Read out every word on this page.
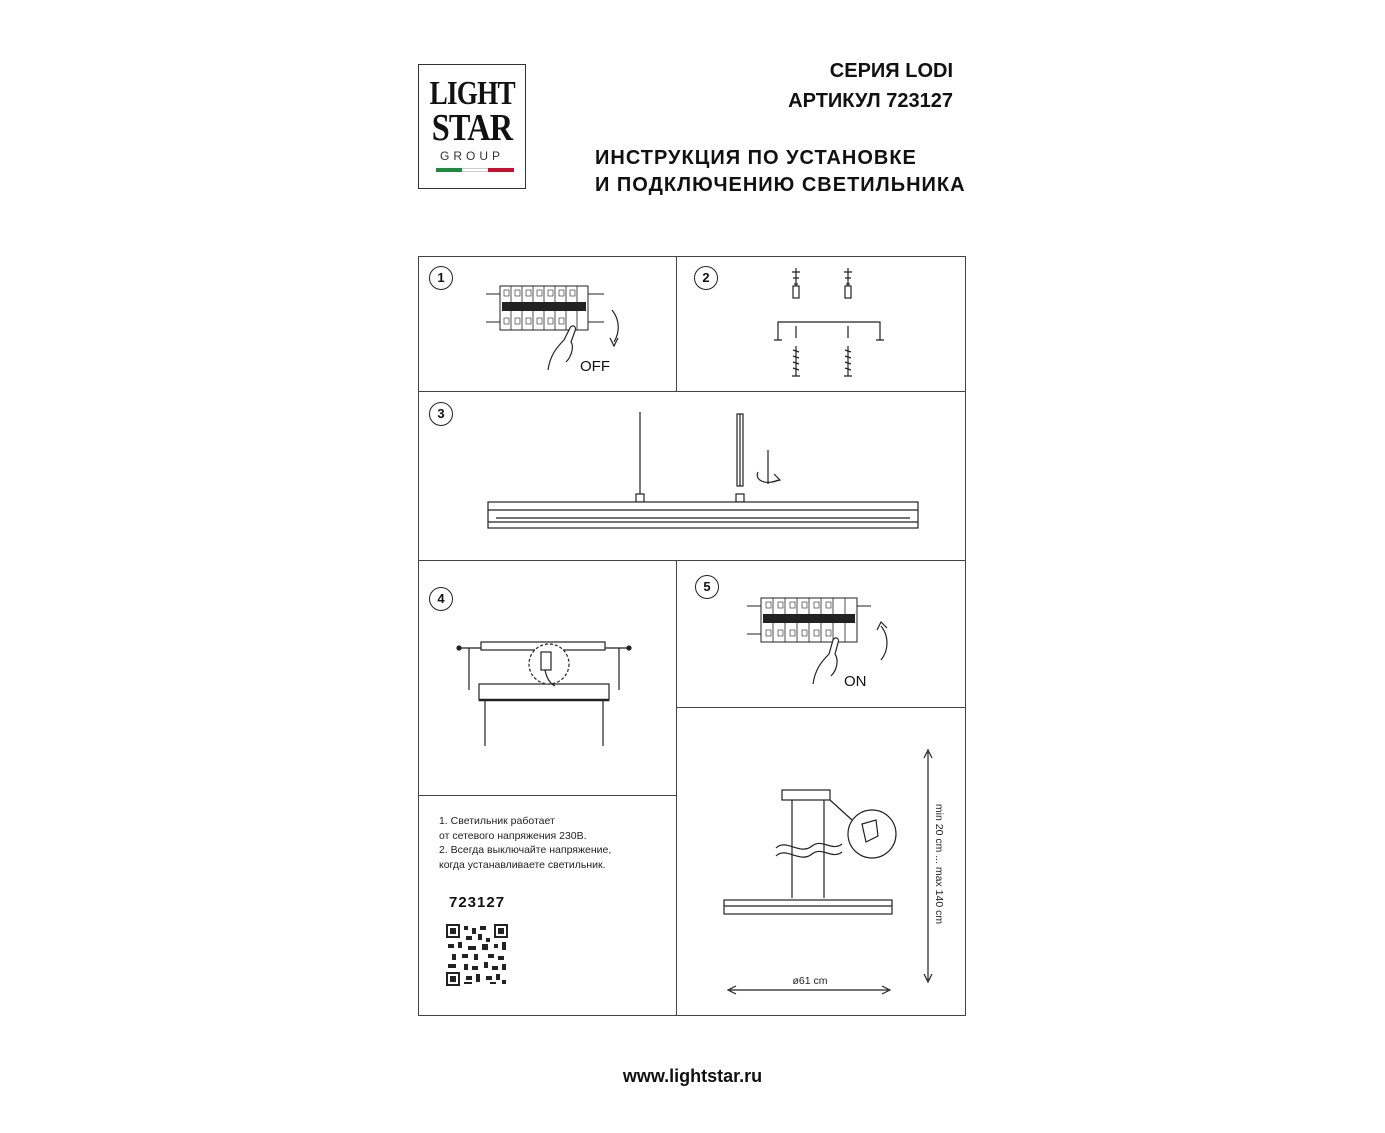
LIGHT
STAR
GROUP
СЕРИЯ LODI
АРТИКУЛ 723127
ИНСТРУКЦИЯ ПО УСТАНОВКЕ
И ПОДКЛЮЧЕНИЮ СВЕТИЛЬНИКА
1	2
3
4
5
OFF
ON
min 20 cm ... max 140 cm
ø61 cm
1. Светильник работает
от сетевого напряжения 230В.
2. Всегда выключайте напряжение,
когда устанавливаете светильник.
723127
www.lightstar.ru
